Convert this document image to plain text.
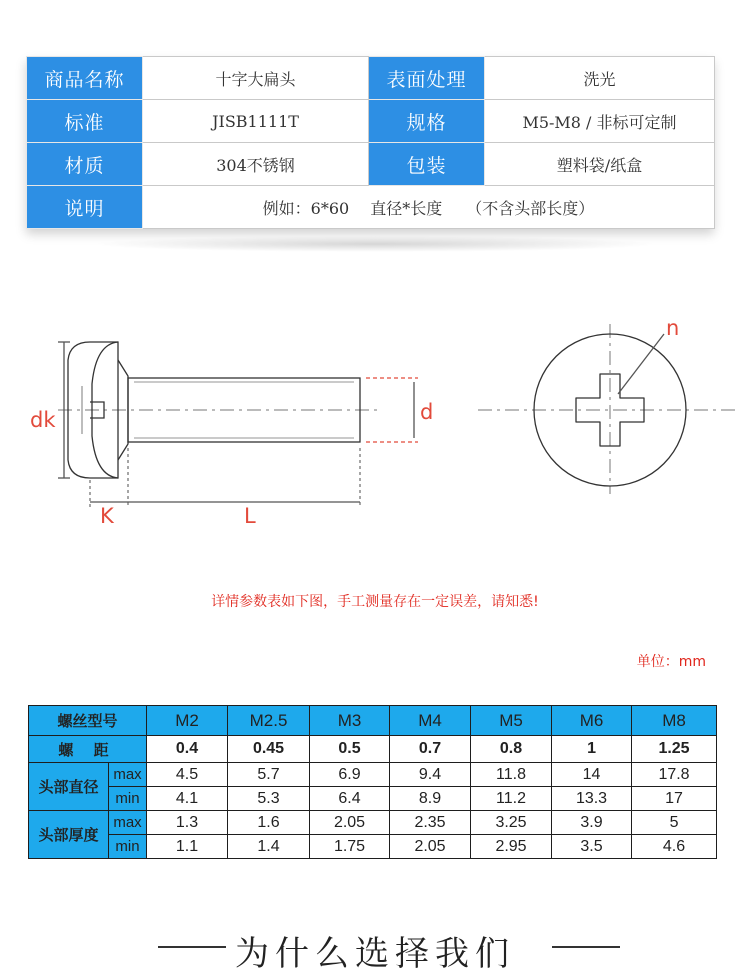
商品名称	十字大扁头	表面处理	洗光
标准	JISB1111T	规格	M5-M8 / 非标可定制
材质	304不锈钢	包装	塑料袋/纸盒
说明	例如：6*60　 直径*长度　　（不含头部长度）		
dk	d
K	L
n
详情参数表如下图，手工测量存在一定误差，请知悉!
单位：mm
螺丝型号		M2	M2.5	M3	M4	M5	M6	M8
螺 距		0.4	0.45	0.5	0.7	0.8	1	1.25
头部直径	max	4.5	5.7	6.9	9.4	11.8	14	17.8
	min	4.1	5.3	6.4	8.9	11.2	13.3	17
头部厚度	max	1.3	1.6	2.05	2.35	3.25	3.9	5
	min	1.1	1.4	1.75	2.05	2.95	3.5	4.6
为什么选择我们
